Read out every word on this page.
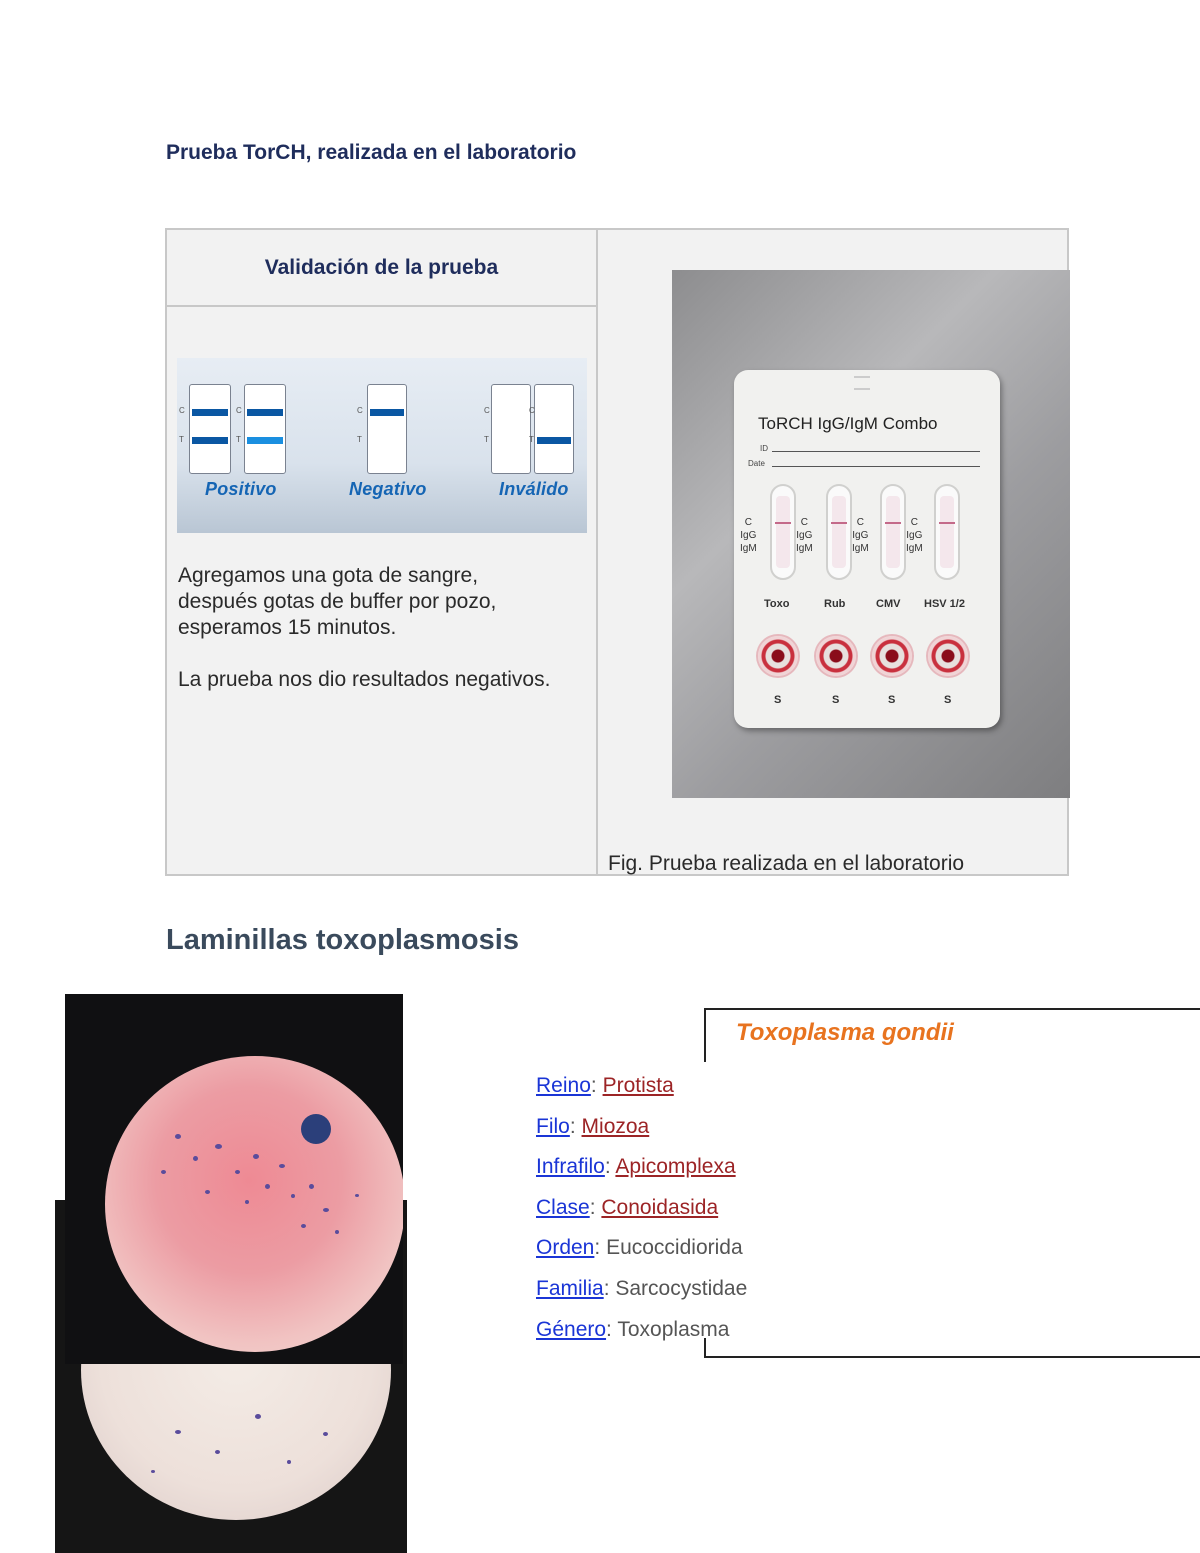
Prueba TorCH, realizada en el laboratorio
Validación de la prueba
C
T
C
T
Positivo
C
T
Negativo
C
T
C
T
Inválido

Agregamos una gota de sangre, después gotas de buffer por pozo, esperamos 15 minutos.

La prueba nos dio resultados negativos.

ToRCH IgG/IgM Combo
ID
Date
C
IgG
IgM
C
IgG
IgM
C
IgG
IgM
C
IgG
IgM
Toxo	Rub	CMV HSV 1/2
S	S	S	S
Fig. Prueba realizada en el laboratorio
Laminillas toxoplasmosis
Toxoplasma gondii
Reino: Protista
Filo: Miozoa
Infrafilo: Apicomplexa
Clase: Conoidasida
Orden: Eucoccidiorida
Familia: Sarcocystidae
Género: Toxoplasma
